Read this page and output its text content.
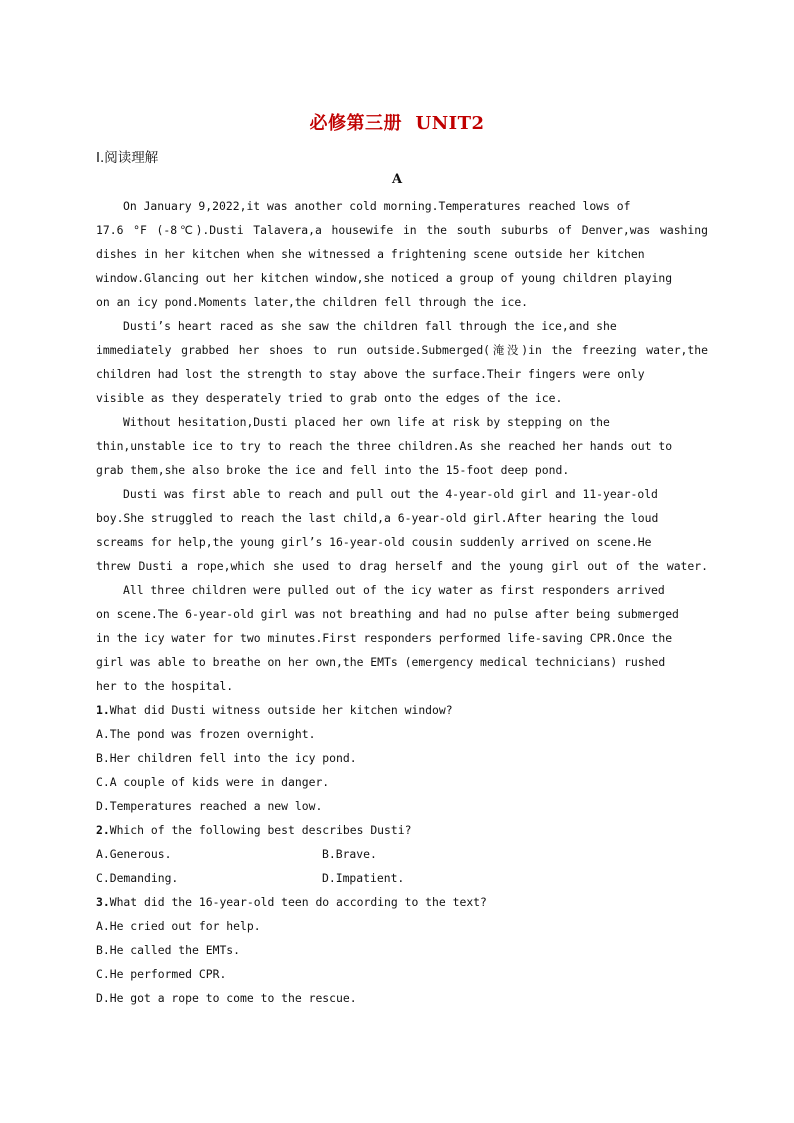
必修第三册  UNIT2
Ⅰ.阅读理解
A
On January 9,2022,it was another cold morning.Temperatures reached lows of
17.6 °F (-8℃).Dusti Talavera,a housewife in the south suburbs of Denver,was washing
dishes in her kitchen when she witnessed a frightening scene outside her kitchen
window.Glancing out her kitchen window,she noticed a group of young children playing
on an icy pond.Moments later,the children fell through the ice.
Dusti’s heart raced as she saw the children fall through the ice,and she
immediately grabbed her shoes to run outside.Submerged(淹没)in the freezing water,the
children had lost the strength to stay above the surface.Their fingers were only
visible as they desperately tried to grab onto the edges of the ice.
Without hesitation,Dusti placed her own life at risk by stepping on the
thin,unstable ice to try to reach the three children.As she reached her hands out to
grab them,she also broke the ice and fell into the 15-foot deep pond.
Dusti was first able to reach and pull out the 4-year-old girl and 11-year-old
boy.She struggled to reach the last child,a 6-year-old girl.After hearing the loud
screams for help,the young girl’s 16-year-old cousin suddenly arrived on scene.He
threw Dusti a rope,which she used to drag herself and the young girl out of the water.
All three children were pulled out of the icy water as first responders arrived
on scene.The 6-year-old girl was not breathing and had no pulse after being submerged
in the icy water for two minutes.First responders performed life-saving CPR.Once the
girl was able to breathe on her own,the EMTs (emergency medical technicians) rushed
her to the hospital.
1.What did Dusti witness outside her kitchen window?
A.The pond was frozen overnight.
B.Her children fell into the icy pond.
C.A couple of kids were in danger.
D.Temperatures reached a new low.
2.Which of the following best describes Dusti?
A.Generous.	B.Brave.
C.Demanding.	D.Impatient.
3.What did the 16-year-old teen do according to the text?
A.He cried out for help.
B.He called the EMTs.
C.He performed CPR.
D.He got a rope to come to the rescue.
